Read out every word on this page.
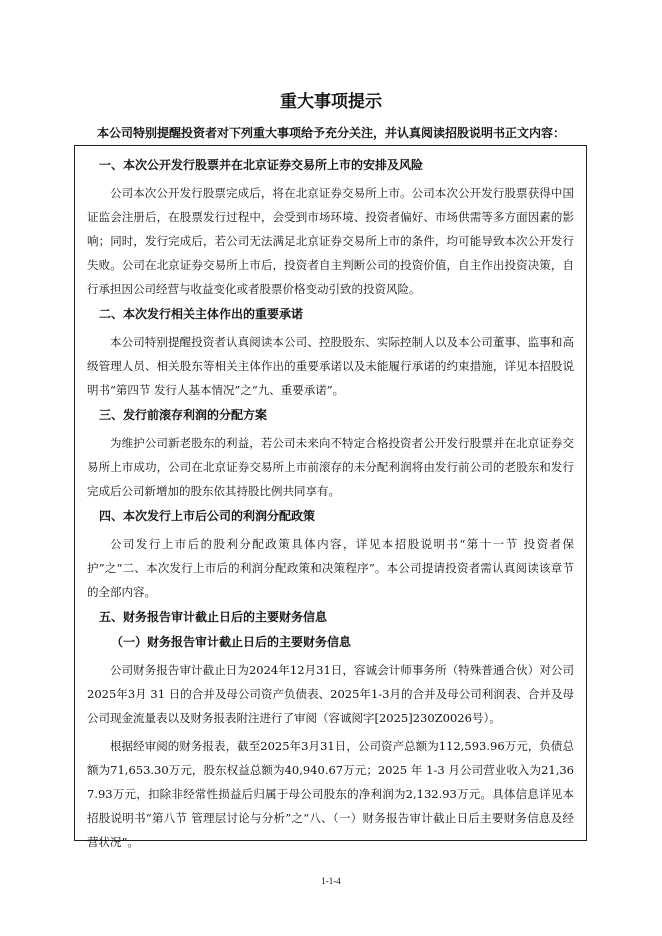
重大事项提示
本公司特别提醒投资者对下列重大事项给予充分关注，并认真阅读招股说明书正文内容：
一、本次公开发行股票并在北京证券交易所上市的安排及风险

公司本次公开发行股票完成后，将在北京证券交易所上市。公司本次公开发行股票获得中国证监会注册后，在股票发行过程中，会受到市场环境、投资者偏好、市场供需等多方面因素的影响；同时，发行完成后，若公司无法满足北京证券交易所上市的条件，均可能导致本次公开发行失败。公司在北京证券交易所上市后，投资者自主判断公司的投资价值，自主作出投资决策，自行承担因公司经营与收益变化或者股票价格变动引致的投资风险。

二、本次发行相关主体作出的重要承诺

本公司特别提醒投资者认真阅读本公司、控股股东、实际控制人以及本公司董事、监事和高级管理人员、相关股东等相关主体作出的重要承诺以及未能履行承诺的约束措施，详见本招股说明书“第四节 发行人基本情况”之“九、重要承诺”。

三、发行前滚存利润的分配方案

为维护公司新老股东的利益，若公司未来向不特定合格投资者公开发行股票并在北京证券交易所上市成功，公司在北京证券交易所上市前滚存的未分配利润将由发行前公司的老股东和发行完成后公司新增加的股东依其持股比例共同享有。

四、本次发行上市后公司的利润分配政策

公司发行上市后的股利分配政策具体内容，详见本招股说明书“第十一节 投资者保护”之“二、本次发行上市后的利润分配政策和决策程序”。本公司提请投资者需认真阅读该章节的全部内容。

五、财务报告审计截止日后的主要财务信息
（一）财务报告审计截止日后的主要财务信息

公司财务报告审计截止日为2024年12月31日，容诚会计师事务所（特殊普通合伙）对公司 2025年3月 31 日的合并及母公司资产负债表、2025年1-3月的合并及母公司利润表、合并及母公司现金流量表以及财务报表附注进行了审阅（容诚阅字[2025]230Z0026号）。

根据经审阅的财务报表，截至2025年3月31日，公司资产总额为112,593.96万元，负债总额为71,653.30万元，股东权益总额为40,940.67万元；2025 年 1-3 月公司营业收入为21,367.93万元，扣除非经常性损益后归属于母公司股东的净利润为2,132.93万元。具体信息详见本招股说明书“第八节 管理层讨论与分析”之“八、（一）财务报告审计截止日后主要财务信息及经营状况”。

1-1-4
